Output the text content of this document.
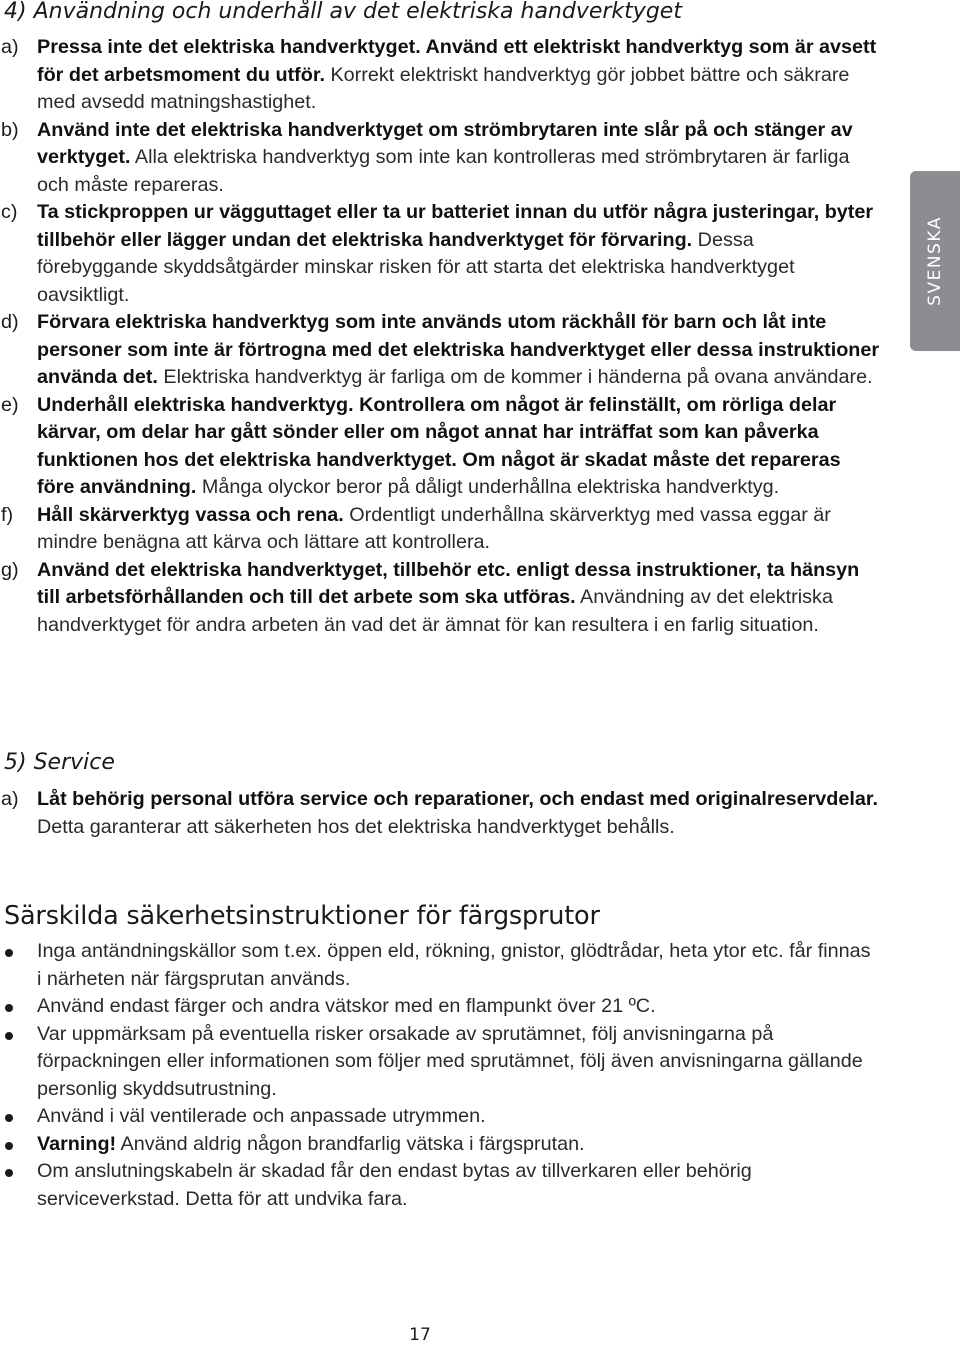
SVENSKA
4) Användning och underhåll av det elektriska handverktyget
a) Pressa inte det elektriska handverktyget. Använd ett elektriskt handverktyg som är avsett för det arbetsmoment du utför. Korrekt elektriskt handverktyg gör jobbet bättre och säkrare med avsedd matningshastighet.
b) Använd inte det elektriska handverktyget om strömbrytaren inte slår på och stänger av verktyget. Alla elektriska handverktyg som inte kan kontrolleras med strömbrytaren är farliga och måste repareras.
c) Ta stickproppen ur vägguttaget eller ta ur batteriet innan du utför några justeringar, byter tillbehör eller lägger undan det elektriska handverktyget för förvaring. Dessa förebyggande skyddsåtgärder minskar risken för att starta det elektriska handverktyget oavsiktligt.
d) Förvara elektriska handverktyg som inte används utom räckhåll för barn och låt inte personer som inte är förtrogna med det elektriska handverktyget eller dessa instruktioner använda det. Elektriska handverktyg är farliga om de kommer i händerna på ovana användare.
e) Underhåll elektriska handverktyg. Kontrollera om något är felinställt, om rörliga delar kärvar, om delar har gått sönder eller om något annat har inträffat som kan påverka funktionen hos det elektriska handverktyget. Om något är skadat måste det repareras före användning. Många olyckor beror på dåligt underhållna elektriska handverktyg.
f) Håll skärverktyg vassa och rena. Ordentligt underhållna skärverktyg med vassa eggar är mindre benägna att kärva och lättare att kontrollera.
g) Använd det elektriska handverktyget, tillbehör etc. enligt dessa instruktioner, ta hänsyn till arbetsförhållanden och till det arbete som ska utföras. Användning av det elektriska handverktyget för andra arbeten än vad det är ämnat för kan resultera i en farlig situation.
5) Service
a) Låt behörig personal utföra service och reparationer, och endast med originalreservdelar. Detta garanterar att säkerheten hos det elektriska handverktyget behålls.
Särskilda säkerhetsinstruktioner för färgsprutor
Inga antändningskällor som t.ex. öppen eld, rökning, gnistor, glödtrådar, heta ytor etc. får finnas i närheten när färgsprutan används.
Använd endast färger och andra vätskor med en flampunkt över 21 ºC.
Var uppmärksam på eventuella risker orsakade av sprutämnet, följ anvisningarna på förpackningen eller informationen som följer med sprutämnet, följ även anvisningarna gällande personlig skyddsutrustning.
Använd i väl ventilerade och anpassade utrymmen.
Varning! Använd aldrig någon brandfarlig vätska i färgsprutan.
Om anslutningskabeln är skadad får den endast bytas av tillverkaren eller behörig serviceverkstad. Detta för att undvika fara.
17
